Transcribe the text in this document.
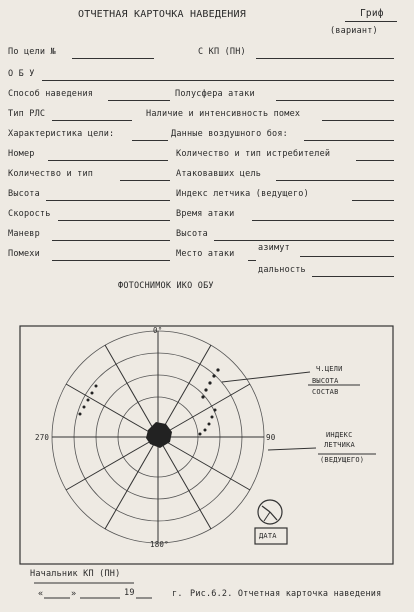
ОТЧЕТНАЯ КАРТОЧКА НАВЕДЕНИЯ	Гриф
(вариант)
По цели №	С КП (ПН)
О Б У
Способ наведения	Полусфера атаки
Тип РЛС	Наличие и интенсивность помех
Характеристика цели:	Данные воздушного боя:
Номер	Количество и тип истребителей
Количество и тип	Атаковавших цель
Высота	Индекс летчика (ведущего)
Скорость	Время атаки
Маневр	Высота
Помехи	Место атаки
азимут
дальность
ФОТОСНИМОК ИКО ОБУ
0°
90
180°
270
Ч.ЦЕЛИ
ВЫСОТА
СОСТАВ
ИНДЕКС
ЛЕТЧИКА
(ВЕДУЩЕГО)
ДАТА
Начальник КП (ПН)
«	»	19	г. Рис.6.2. Отчетная карточка наведения
